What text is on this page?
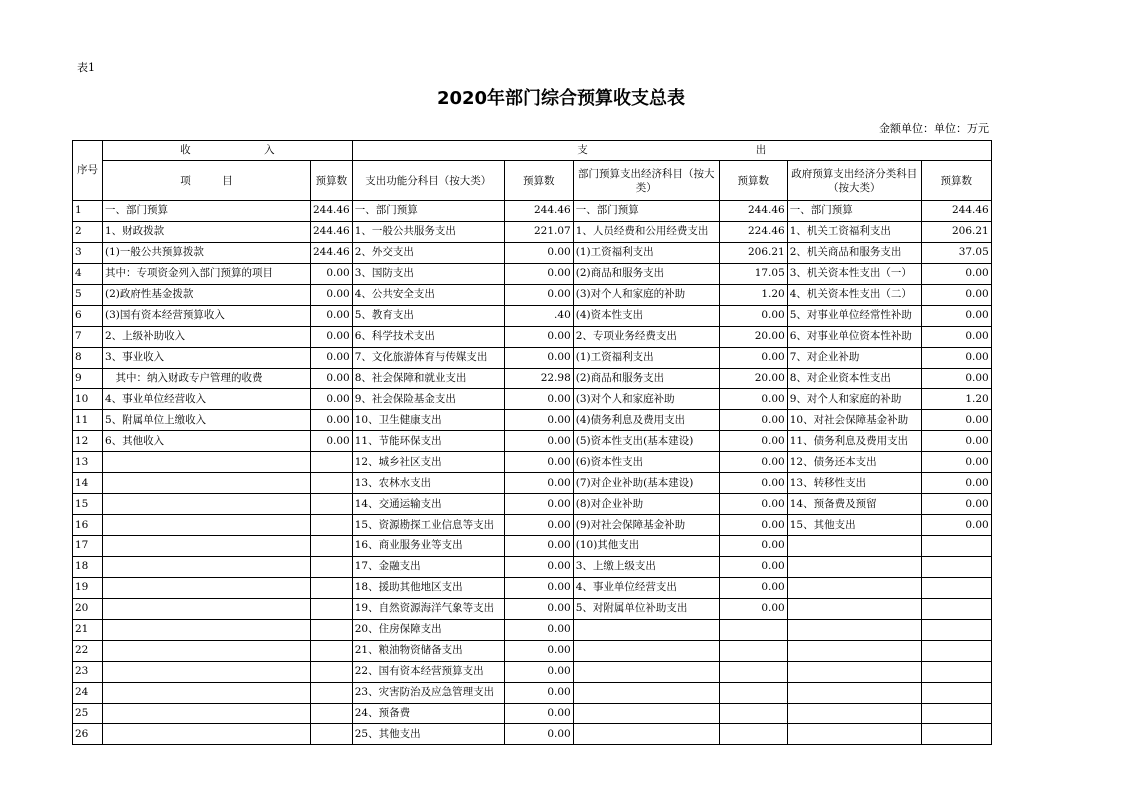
表1
2020年部门综合预算收支总表
金额单位：单位：万元
序号	收　　　　　　　入		支　　　　　　　　　　　　　　　　出					
	项　　　目	预算数	支出功能分科目（按大类）	预算数	部门预算支出经济科目（按大类）	预算数	政府预算支出经济分类科目（按大类）	预算数
1	一、部门预算	244.46	一、部门预算	244.46	一、部门预算	244.46	一、部门预算	244.46
2	1、财政拨款	244.46	1、一般公共服务支出	221.07	1、人员经费和公用经费支出	224.46	1、机关工资福利支出	206.21
3	(1)一般公共预算拨款	244.46	2、外交支出	0.00	(1)工资福利支出	206.21	2、机关商品和服务支出	37.05
4	其中：专项资金列入部门预算的项目	0.00	3、国防支出	0.00	(2)商品和服务支出	17.05	3、机关资本性支出（一）	0.00
5	(2)政府性基金拨款	0.00	4、公共安全支出	0.00	(3)对个人和家庭的补助	1.20	4、机关资本性支出（二）	0.00
6	(3)国有资本经营预算收入	0.00	5、教育支出	.40	(4)资本性支出	0.00	5、对事业单位经常性补助	0.00
7	2、上级补助收入	0.00	6、科学技术支出	0.00	2、专项业务经费支出	20.00	6、对事业单位资本性补助	0.00
8	3、事业收入	0.00	7、文化旅游体育与传媒支出	0.00	(1)工资福利支出	0.00	7、对企业补助	0.00
9	　其中：纳入财政专户管理的收费	0.00	8、社会保障和就业支出	22.98	(2)商品和服务支出	20.00	8、对企业资本性支出	0.00
10	4、事业单位经营收入	0.00	9、社会保险基金支出	0.00	(3)对个人和家庭补助	0.00	9、对个人和家庭的补助	1.20
11	5、附属单位上缴收入	0.00	10、卫生健康支出	0.00	(4)债务利息及费用支出	0.00	10、对社会保障基金补助	0.00
12	6、其他收入	0.00	11、节能环保支出	0.00	(5)资本性支出(基本建设)	0.00	11、债务利息及费用支出	0.00
13			12、城乡社区支出	0.00	(6)资本性支出	0.00	12、债务还本支出	0.00
14			13、农林水支出	0.00	(7)对企业补助(基本建设)	0.00	13、转移性支出	0.00
15			14、交通运输支出	0.00	(8)对企业补助	0.00	14、预备费及预留	0.00
16			15、资源勘探工业信息等支出	0.00	(9)对社会保障基金补助	0.00	15、其他支出	0.00
17			16、商业服务业等支出	0.00	(10)其他支出	0.00		
18			17、金融支出	0.00	3、上缴上级支出	0.00		
19			18、援助其他地区支出	0.00	4、事业单位经营支出	0.00		
20			19、自然资源海洋气象等支出	0.00	5、对附属单位补助支出	0.00		
21			20、住房保障支出	0.00				
22			21、粮油物资储备支出	0.00				
23			22、国有资本经营预算支出	0.00				
24			23、灾害防治及应急管理支出	0.00				
25			24、预备费	0.00				
26			25、其他支出	0.00				
